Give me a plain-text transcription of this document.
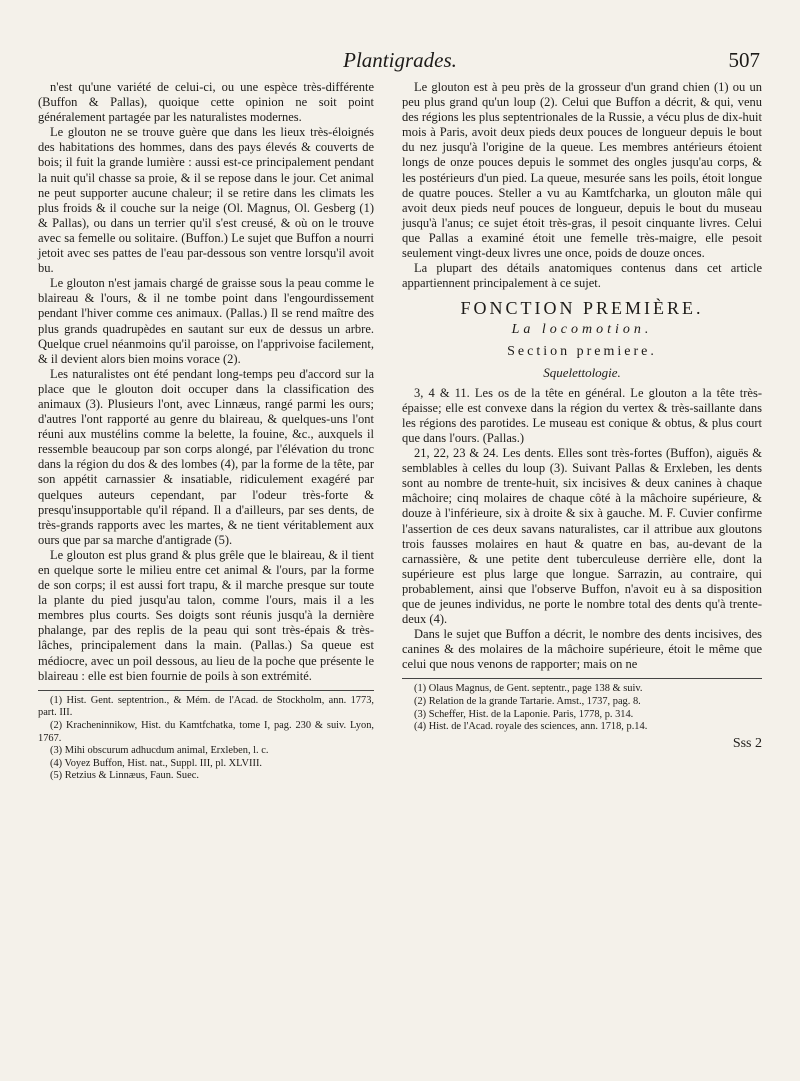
Plantigrades.	507

n'est qu'une variété de celui-ci, ou une espèce très-différente (Buffon & Pallas), quoique cette opinion ne soit point généralement partagée par les naturalistes modernes.

Le glouton ne se trouve guère que dans les lieux très-éloignés des habitations des hommes, dans des pays élevés & couverts de bois; il fuit la grande lumière : aussi est-ce principalement pendant la nuit qu'il chasse sa proie, & il se repose dans le jour. Cet animal ne peut supporter aucune chaleur; il se retire dans les climats les plus froids & il couche sur la neige (Ol. Magnus, Ol. Gesberg (1) & Pallas), ou dans un terrier qu'il s'est creusé, & où on le trouve avec sa femelle ou solitaire. (Buffon.) Le sujet que Buffon a nourri jetoit avec ses pattes de l'eau par-dessous son ventre lorsqu'il avoit bu.

Le glouton n'est jamais chargé de graisse sous la peau comme le blaireau & l'ours, & il ne tombe point dans l'engourdissement pendant l'hiver comme ces animaux. (Pallas.) Il se rend maître des plus grands quadrupèdes en sautant sur eux de dessus un arbre. Quelque cruel néanmoins qu'il paroisse, on l'apprivoise facilement, & il devient alors bien moins vorace (2).

Les naturalistes ont été pendant long-temps peu d'accord sur la place que le glouton doit occuper dans la classification des animaux (3). Plusieurs l'ont, avec Linnæus, rangé parmi les ours; d'autres l'ont rapporté au genre du blaireau, & quelques-uns l'ont réuni aux mustélins comme la belette, la fouine, &c., auxquels il ressemble beaucoup par son corps alongé, par l'élévation du tronc dans la région du dos & des lombes (4), par la forme de la tête, par son appétit carnassier & insatiable, ridiculement exagéré par quelques auteurs cependant, par l'odeur très-forte & presqu'insupportable qu'il répand. Il a d'ailleurs, par ses dents, de très-grands rapports avec les martes, & ne tient véritablement aux ours que par sa marche d'antigrade (5).

Le glouton est plus grand & plus grêle que le blaireau, & il tient en quelque sorte le milieu entre cet animal & l'ours, par la forme de son corps; il est aussi fort trapu, & il marche presque sur toute la plante du pied jusqu'au talon, comme l'ours, mais il a les membres plus courts. Ses doigts sont réunis jusqu'à la dernière phalange, par des replis de la peau qui sont très-épais & très-lâches, principalement dans la main. (Pallas.) Sa queue est médiocre, avec un poil dessous, au lieu de la poche que présente le blaireau : elle est bien fournie de poils à son extrémité.

(1) Hist. Gent. septentrion., & Mém. de l'Acad. de Stockholm, ann. 1773, part. III.

(2) Kracheninnikow, Hist. du Kamtfchatka, tome I, pag. 230 & suiv. Lyon, 1767.

(3) Mihi obscurum adhucdum animal, Erxleben, l. c.

(4) Voyez Buffon, Hist. nat., Suppl. III, pl. XLVIII.

(5) Retzius & Linnæus, Faun. Suec.

Le glouton est à peu près de la grosseur d'un grand chien (1) ou un peu plus grand qu'un loup (2). Celui que Buffon a décrit, & qui, venu des régions les plus septentrionales de la Russie, a vécu plus de dix-huit mois à Paris, avoit deux pieds deux pouces de longueur depuis le bout du nez jusqu'à l'origine de la queue. Les membres antérieurs étoient longs de onze pouces depuis le sommet des ongles jusqu'au corps, & les postérieurs d'un pied. La queue, mesurée sans les poils, étoit longue de quatre pouces. Steller a vu au Kamtfcharka, un glouton mâle qui avoit deux pieds neuf pouces de longueur, depuis le bout du museau jusqu'à l'anus; ce sujet étoit très-gras, il pesoit cinquante livres. Celui que Pallas a examiné étoit une femelle très-maigre, elle pesoit seulement vingt-deux livres une once, poids de douze onces.

La plupart des détails anatomiques contenus dans cet article appartiennent principalement à ce sujet.

FONCTION PREMIÈRE.
La locomotion.
Section premiere.
Squelettologie.

3, 4 & 11. Les os de la tête en général. Le glouton a la tête très-épaisse; elle est convexe dans la région du vertex & très-saillante dans les régions des parotides. Le museau est conique & obtus, & plus court que dans l'ours. (Pallas.)

21, 22, 23 & 24. Les dents. Elles sont très-fortes (Buffon), aiguës & semblables à celles du loup (3). Suivant Pallas & Erxleben, les dents sont au nombre de trente-huit, six incisives & deux canines à chaque mâchoire; cinq molaires de chaque côté à la mâchoire supérieure, & douze à l'inférieure, six à droite & six à gauche. M. F. Cuvier confirme l'assertion de ces deux savans naturalistes, car il attribue aux gloutons trois fausses molaires en haut & quatre en bas, au-devant de la carnassière, & une petite dent tuberculeuse derrière elle, dont la supérieure est plus large que longue. Sarrazin, au contraire, qui probablement, ainsi que l'observe Buffon, n'avoit eu à sa disposition que de jeunes individus, ne porte le nombre total des dents qu'à trente-deux (4).

Dans le sujet que Buffon a décrit, le nombre des dents incisives, des canines & des molaires de la mâchoire supérieure, étoit le même que celui que nous venons de rapporter; mais on ne

(1) Olaus Magnus, de Gent. septentr., page 138 & suiv.

(2) Relation de la grande Tartarie. Amst., 1737, pag. 8.

(3) Scheffer, Hist. de la Laponie. Paris, 1778, p. 314.

(4) Hist. de l'Acad. royale des sciences, ann. 1718, p.14.

Sss 2
